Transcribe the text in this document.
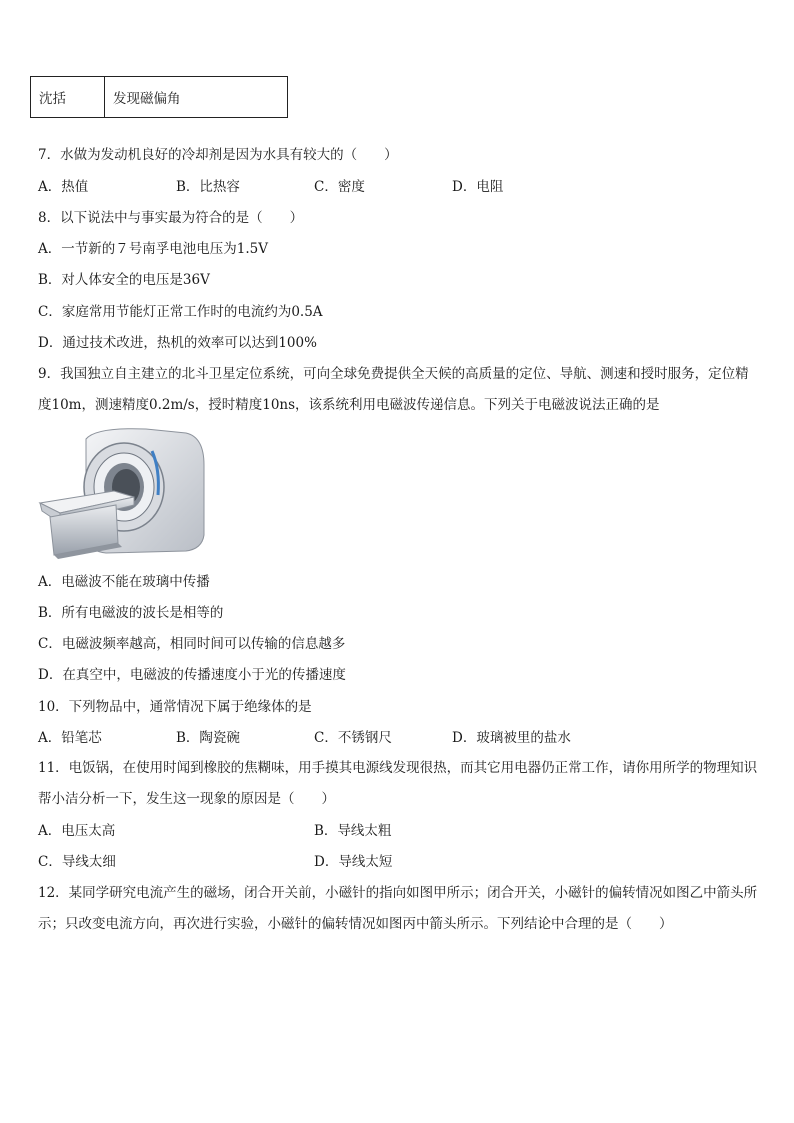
沈括	发现磁偏角
7．水做为发动机良好的冷却剂是因为水具有较大的（　　）
A．热值	B．比热容	C．密度	D．电阻
8．以下说法中与事实最为符合的是（　　）
A．一节新的７号南孚电池电压为1.5V
B．对人体安全的电压是36V
C．家庭常用节能灯正常工作时的电流约为0.5A
D．通过技术改进，热机的效率可以达到100%
9．我国独立自主建立的北斗卫星定位系统，可向全球免费提供全天候的高质量的定位、导航、测速和授时服务，定位精度10m，测速精度0.2m/s，授时精度10ns，该系统利用电磁波传递信息。下列关于电磁波说法正确的是
A．电磁波不能在玻璃中传播
B．所有电磁波的波长是相等的
C．电磁波频率越高，相同时间可以传输的信息越多
D．在真空中，电磁波的传播速度小于光的传播速度
10．下列物品中，通常情况下属于绝缘体的是
A．铅笔芯	B．陶瓷碗	C．不锈钢尺	D．玻璃被里的盐水
11．电饭锅，在使用时闻到橡胶的焦糊味，用手摸其电源线发现很热，而其它用电器仍正常工作，请你用所学的物理知识帮小洁分析一下，发生这一现象的原因是（　　）
A．电压太高	B．导线太粗
C．导线太细	D．导线太短
12．某同学研究电流产生的磁场，闭合开关前，小磁针的指向如图甲所示；闭合开关，小磁针的偏转情况如图乙中箭头所示；只改变电流方向，再次进行实验，小磁针的偏转情况如图丙中箭头所示。下列结论中合理的是（　　）
